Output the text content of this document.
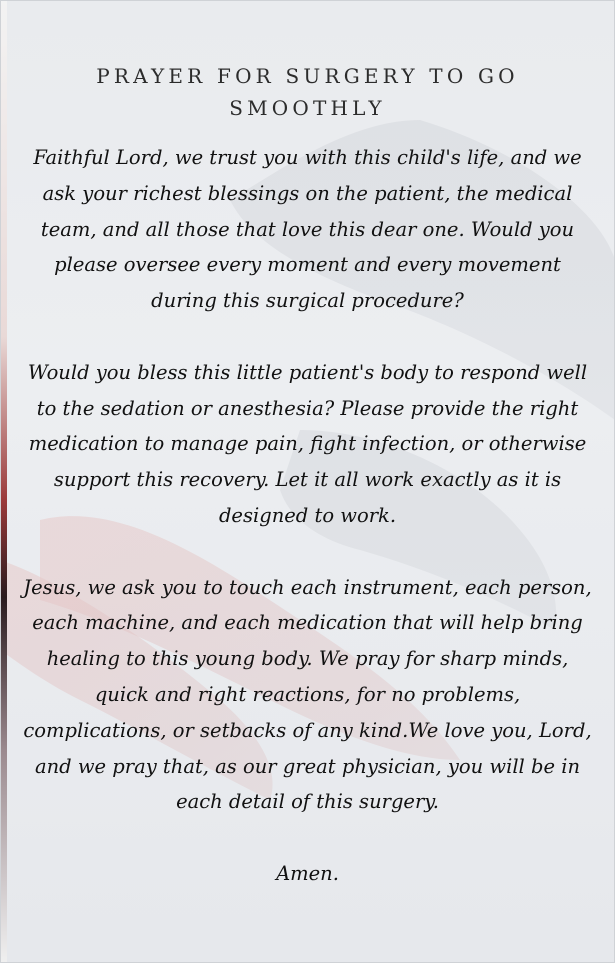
PRAYER FOR SURGERY TO GO SMOOTHLY

Faithful Lord, we trust you with this child's life, and we ask your richest blessings on the patient, the medical team, and all those that love this dear one. Would you please oversee every moment and every movement during this surgical procedure?

Would you bless this little patient's body to respond well to the sedation or anesthesia? Please provide the right medication to manage pain, fight infection, or otherwise support this recovery. Let it all work exactly as it is designed to work.

Jesus, we ask you to touch each instrument, each person, each machine, and each medication that will help bring healing to this young body. We pray for sharp minds, quick and right reactions, for no problems, complications, or setbacks of any kind.We love you, Lord, and we pray that, as our great physician, you will be in each detail of this surgery.

Amen.
